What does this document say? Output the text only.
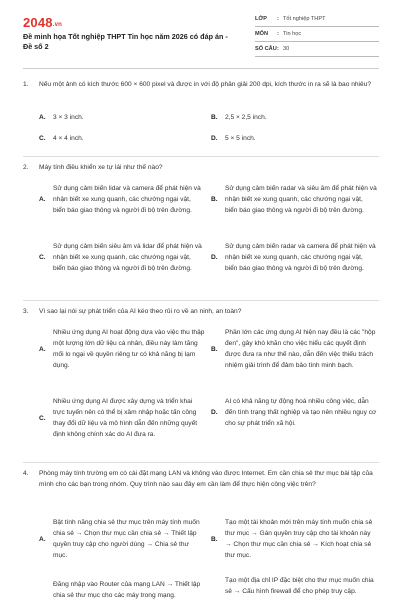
2048.vn
Đề minh họa Tốt nghiệp THPT Tin học năm 2026 có đáp án - Đề số 2
LỚP	: Tốt nghiệp THPT
MÔN	: Tin học
SỐ CÂU : 30
1.	Nếu một ảnh có kích thước 600 × 600 pixel và được in với độ phân giải 200 dpi, kích thước in ra sẽ là bao nhiêu?
A.	3 × 3 inch.	B.	2,5 × 2,5 inch.
C.	4 × 4 inch.	D.	5 × 5 inch.
2.	Máy tính điều khiển xe tự lái như thế nào?
A.
Sử dụng cảm biến lidar và camera để phát hiện và nhận biết xe xung quanh, các chướng ngại vật, biển báo giao thông và người đi bộ trên đường.
B.
Sử dụng cảm biến radar và siêu âm để phát hiện và nhận biết xe xung quanh, các chướng ngại vật, biển báo giao thông và người đi bộ trên đường.
C.
Sử dụng cảm biến siêu âm và lidar để phát hiện và nhận biết xe xung quanh, các chướng ngại vật, biển báo giao thông và người đi bộ trên đường.
D.
Sử dụng cảm biến radar và camera để phát hiện và nhận biết xe xung quanh, các chướng ngại vật, biển báo giao thông và người đi bộ trên đường.
3.	Vì sao lại nói sự phát triển của AI kéo theo rủi ro về an ninh, an toàn?
A.
Nhiều ứng dụng AI hoạt động dựa vào việc thu thập một lượng lớn dữ liệu cá nhân, điều này làm tăng mối lo ngại về quyền riêng tư có khả năng bị lạm dụng.
B.
Phần lớn các ứng dụng AI hiện nay đều là các "hộp đen", gây khó khăn cho việc hiểu các quyết định được đưa ra như thế nào, dẫn đến việc thiếu trách nhiệm giải trình để đảm bảo tính minh bạch.
C.
Nhiều ứng dụng AI được xây dựng và triển khai trực tuyến nên có thể bị xâm nhập hoặc tấn công thay đổi dữ liệu và mô hình dẫn đến những quyết định không chính xác do AI đưa ra.
D.
AI có khả năng tự động hoá nhiều công việc, dẫn đến tình trạng thất nghiệp và tạo nên nhiều nguy cơ cho sự phát triển xã hội.
4.	Phòng máy tính trường em có cài đặt mạng LAN và không vào được Internet. Em cần chia sẻ thư mục bài tập của mình cho các bạn trong nhóm. Quy trình nào sau đây em cần làm để thực hiện công việc trên?
A.
Bật tính năng chia sẻ thư mục trên máy tính muốn chia sẻ → Chọn thư mục cần chia sẻ → Thiết lập quyền truy cập cho người dùng → Chia sẻ thư mục.
B.
Tạo một tài khoản mới trên máy tính muốn chia sẻ thư mục → Gán quyền truy cập cho tài khoản này → Chọn thư mục cần chia sẻ → Kích hoạt chia sẻ thư mục.
Đăng nhập vào Router của mạng LAN → Thiết lập chia sẻ thư mục cho các máy trong mạng.
Tạo một địa chỉ IP đặc biệt cho thư mục muốn chia sẻ → Cấu hình firewall để cho phép truy cập.
